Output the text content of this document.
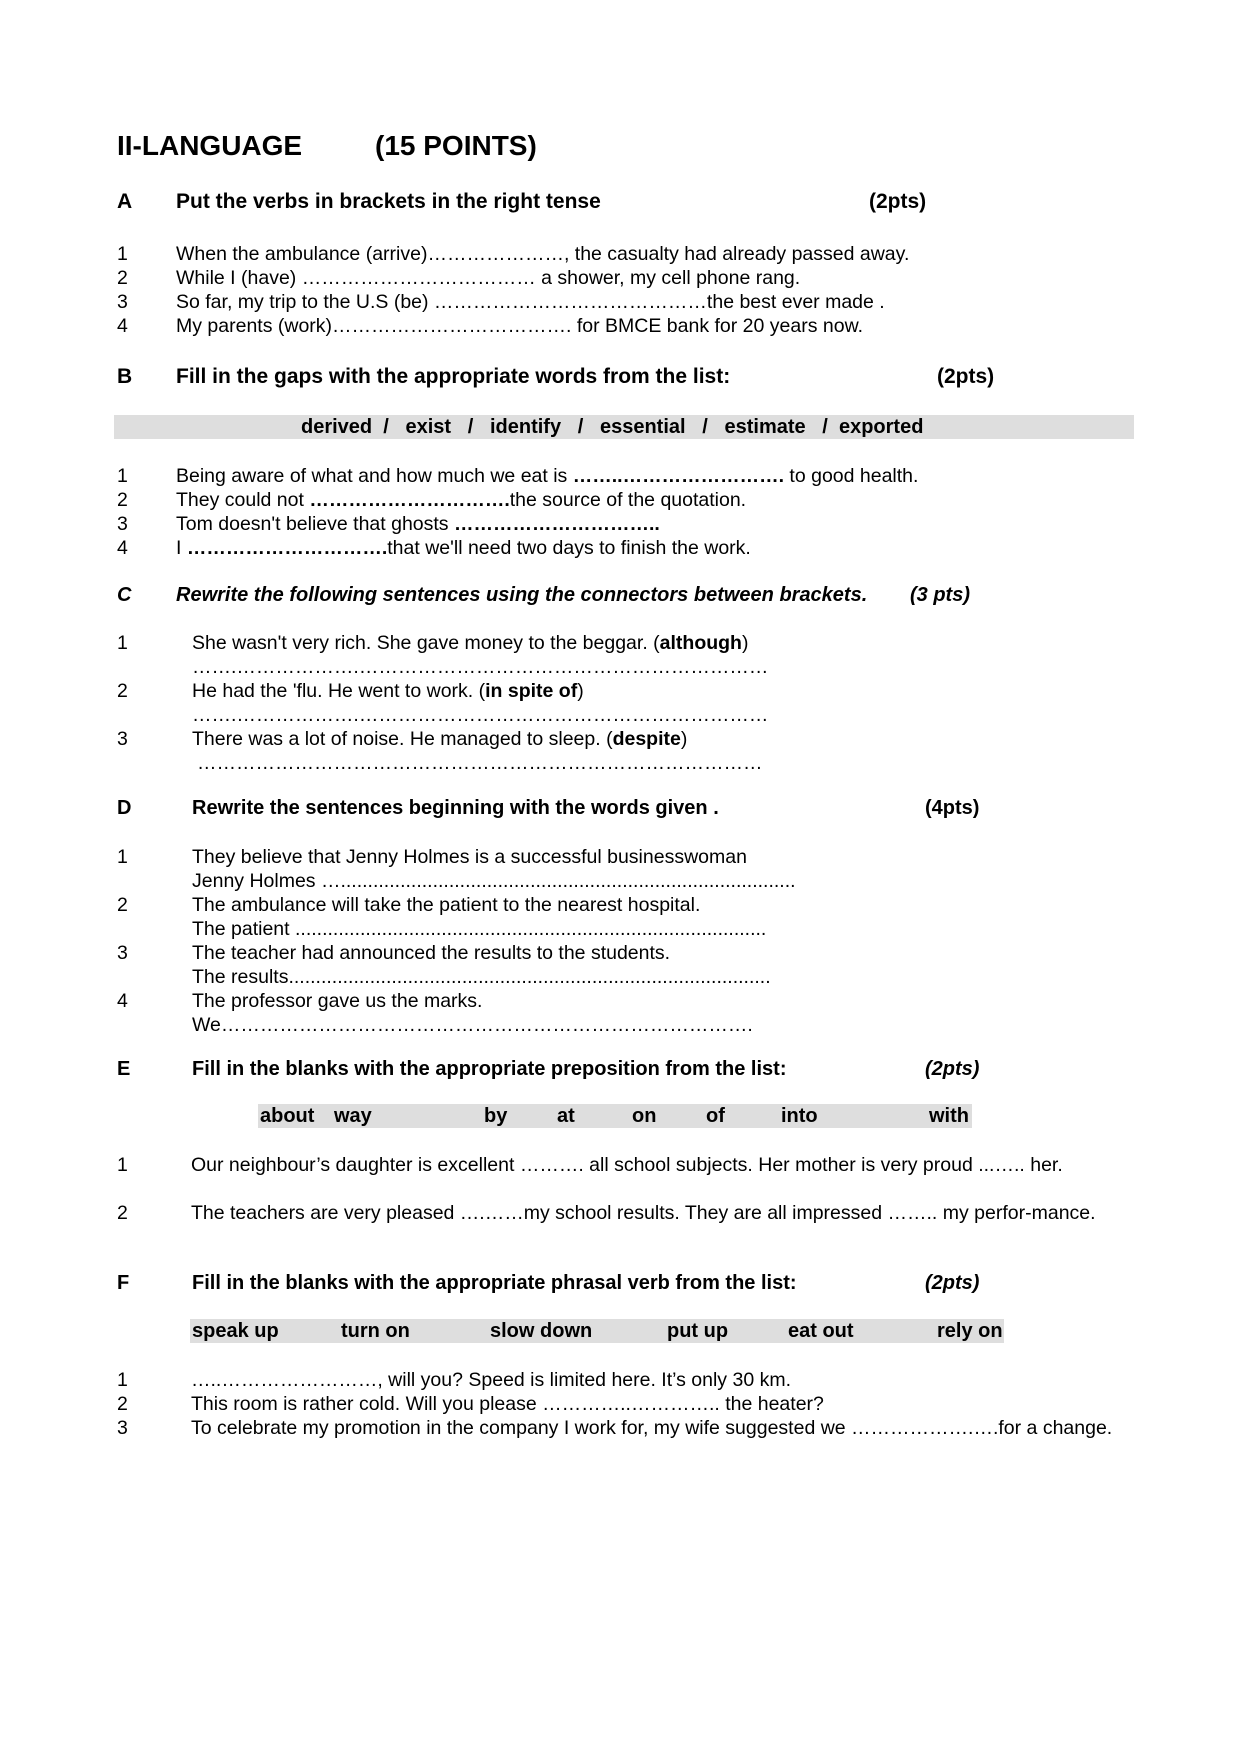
II-LANGUAGE	(15 POINTS)
A Put the verbs in brackets in the right tense	(2pts)
1 When the ambulance (arrive)…………………, the casualty had already passed away.
2 While I (have) ……………………………… a shower, my cell phone rang.
3 So far, my trip to the U.S (be) ……………………………………the best ever made .
4 My parents (work)………………………………. for BMCE bank for 20 years now.
B Fill in the gaps with the appropriate words from the list:	(2pts)
derived  /   exist   /   identify   /   essential   /   estimate   /  exported
1 Being aware of what and how much we eat is ……..……………………. to good health.
2 They could not ………………………….the source of the quotation.
3 Tom doesn't believe that ghosts …………………………..
4 I ………………………….that we'll need two days to finish the work.
C Rewrite the following sentences using the connectors between brackets. (3 pts)
1	She wasn't very rich. She gave money to the beggar. (although)
…….……………….………………………………………………………
2	He had the 'flu. He went to work. (in spite of)
…….……………….………………………………………………………
3	There was a lot of noise. He managed to sleep. (despite)
……………………………………………………………………………
D	Rewrite the sentences beginning with the words given .	(4pts)
1	They believe that Jenny Holmes is a successful businesswoman
Jenny Holmes …....................................................................................
2	The ambulance will take the patient to the nearest hospital.
The patient .......................................................................................
3	The teacher had announced the results to the students.
The results.........................................................................................
4	The professor gave us the marks.
We……………………………………………………………………….
E	Fill in the blanks with the appropriate preposition from the list:	(2pts)
about way	by at	on of	into	with
1	Our neighbour’s daughter is excellent ………. all school subjects. Her mother is very proud ...….. her.
2	The teachers are very pleased ….……my school results. They are all impressed …….. my perfor-mance.
F	Fill in the blanks with the appropriate phrasal verb from the list:	(2pts)
speak up	turn on	slow down	put up	eat out	rely on
1	…..……………………, will you? Speed is limited here. It’s only 30 km.
2	This room is rather cold. Will you please …………..………….. the heater?
3	To celebrate my promotion in the company I work for, my wife suggested we ……………….….for a change.
